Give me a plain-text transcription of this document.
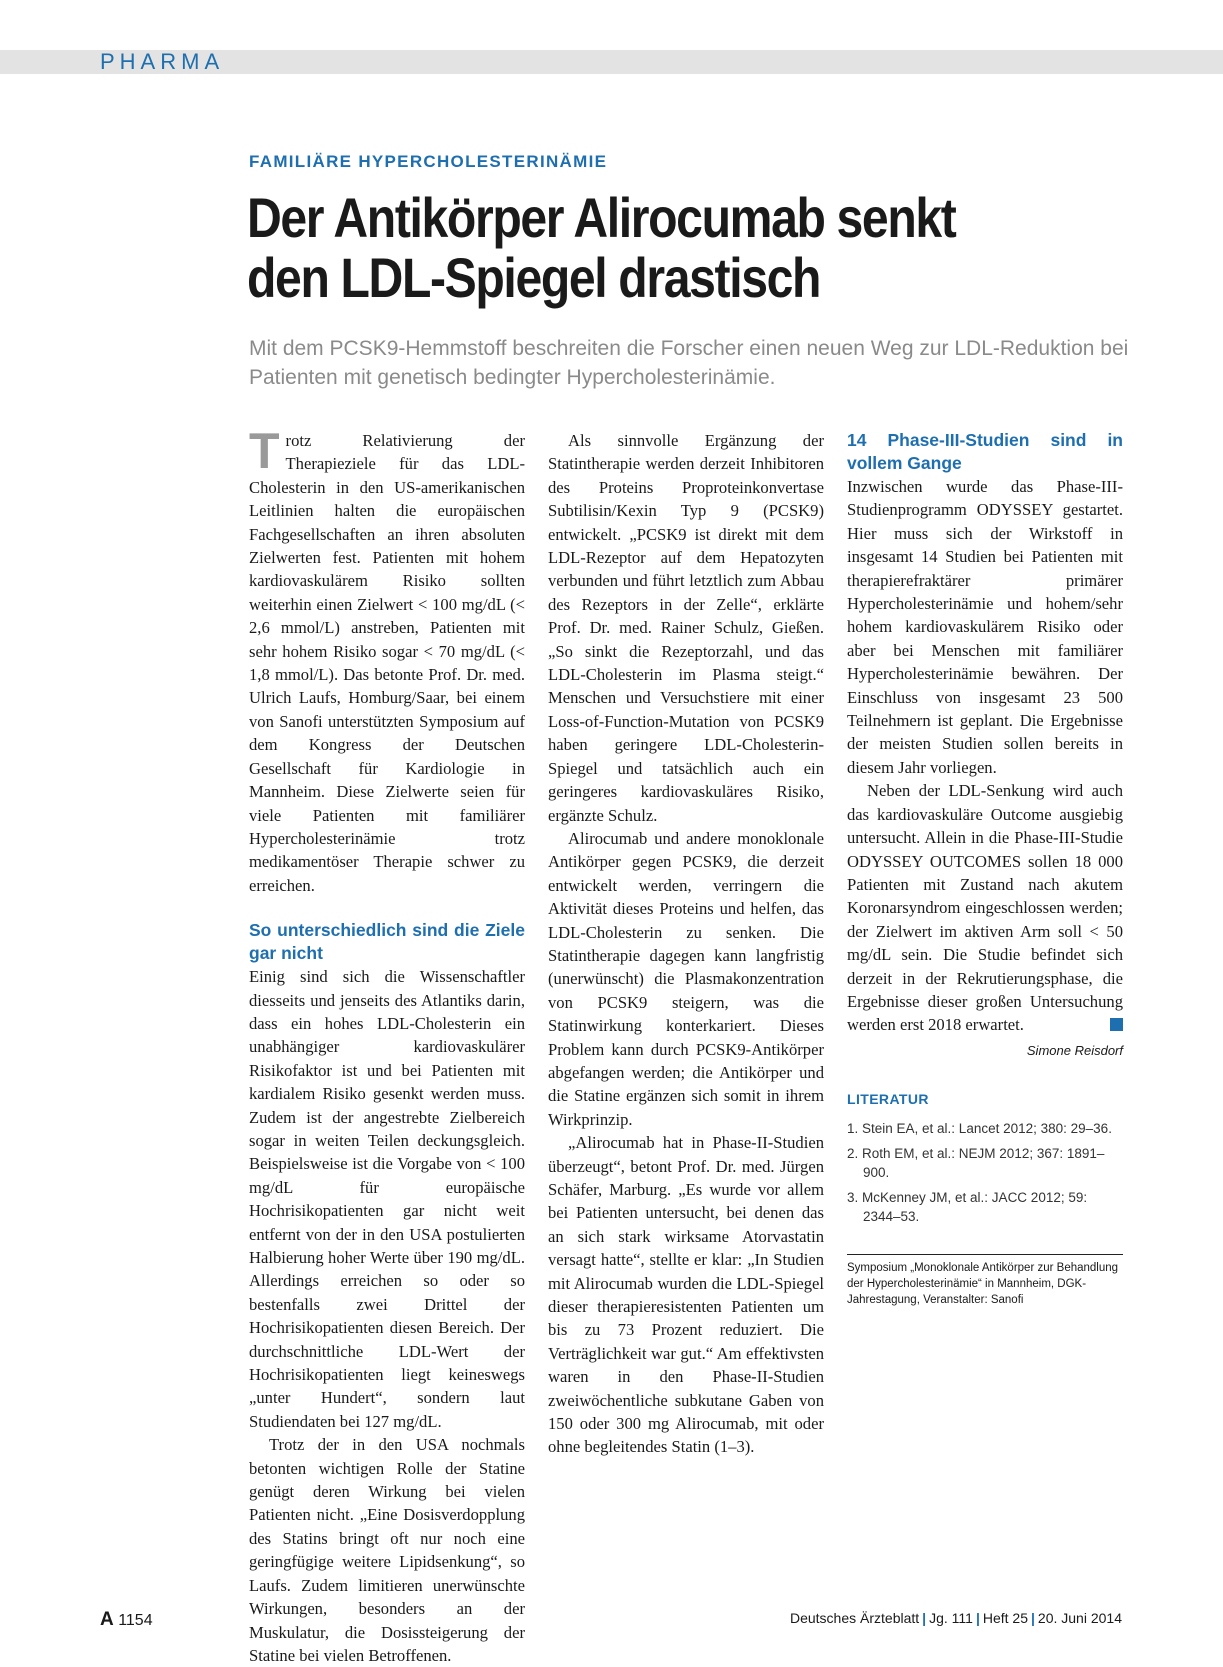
PHARMA
FAMILIÄRE HYPERCHOLESTERINÄMIE
Der Antikörper Alirocumab senkt den LDL-Spiegel drastisch
Mit dem PCSK9-Hemmstoff beschreiten die Forscher einen neuen Weg zur LDL-Reduktion bei Patienten mit genetisch bedingter Hypercholesterinämie.

Trotz Relativierung der Therapieziele für das LDL-Cholesterin in den US-amerikanischen Leitlinien halten die europäischen Fachgesellschaften an ihren absoluten Zielwerten fest. Patienten mit hohem kardiovaskulärem Risiko sollten weiterhin einen Zielwert < 100 mg/dL (< 2,6 mmol/L) anstreben, Patienten mit sehr hohem Risiko sogar < 70 mg/dL (< 1,8 mmol/L). Das betonte Prof. Dr. med. Ulrich Laufs, Homburg/Saar, bei einem von Sanofi unterstützten Symposium auf dem Kongress der Deutschen Gesellschaft für Kardiologie in Mannheim. Diese Zielwerte seien für viele Patienten mit familiärer Hypercholesterinämie trotz medikamentöser Therapie schwer zu erreichen.

So unterschiedlich sind die Ziele gar nicht

Einig sind sich die Wissenschaftler diesseits und jenseits des Atlantiks darin, dass ein hohes LDL-Cholesterin ein unabhängiger kardiovaskulärer Risikofaktor ist und bei Patienten mit kardialem Risiko gesenkt werden muss. Zudem ist der angestrebte Zielbereich sogar in weiten Teilen deckungsgleich. Beispielsweise ist die Vorgabe von < 100 mg/dL für europäische Hochrisikopatienten gar nicht weit entfernt von der in den USA postulierten Halbierung hoher Werte über 190 mg/dL. Allerdings erreichen so oder so bestenfalls zwei Drittel der Hochrisikopatienten diesen Bereich. Der durchschnittliche LDL-Wert der Hochrisikopatienten liegt keineswegs „unter Hundert“, sondern laut Studiendaten bei 127 mg/dL.

Trotz der in den USA nochmals betonten wichtigen Rolle der Statine genügt deren Wirkung bei vielen Patienten nicht. „Eine Dosisverdopplung des Statins bringt oft nur noch eine geringfügige weitere Lipidsenkung“, so Laufs. Zudem limitieren unerwünschte Wirkungen, besonders an der Muskulatur, die Dosissteigerung der Statine bei vielen Betroffenen.

Als sinnvolle Ergänzung der Statintherapie werden derzeit Inhibitoren des Proteins Proproteinkonvertase Subtilisin/Kexin Typ 9 (PCSK9) entwickelt. „PCSK9 ist direkt mit dem LDL-Rezeptor auf dem Hepatozyten verbunden und führt letztlich zum Abbau des Rezeptors in der Zelle“, erklärte Prof. Dr. med. Rainer Schulz, Gießen. „So sinkt die Rezeptorzahl, und das LDL-Cholesterin im Plasma steigt.“ Menschen und Versuchstiere mit einer Loss-of-Function-Mutation von PCSK9 haben geringere LDL-Cholesterin-Spiegel und tatsächlich auch ein geringeres kardiovaskuläres Risiko, ergänzte Schulz.

Alirocumab und andere monoklonale Antikörper gegen PCSK9, die derzeit entwickelt werden, verringern die Aktivität dieses Proteins und helfen, das LDL-Cholesterin zu senken. Die Statintherapie dagegen kann langfristig (unerwünscht) die Plasmakonzentration von PCSK9 steigern, was die Statinwirkung konterkariert. Dieses Problem kann durch PCSK9-Antikörper abgefangen werden; die Antikörper und die Statine ergänzen sich somit in ihrem Wirkprinzip.

„Alirocumab hat in Phase-II-Studien überzeugt“, betont Prof. Dr. med. Jürgen Schäfer, Marburg. „Es wurde vor allem bei Patienten untersucht, bei denen das an sich stark wirksame Atorvastatin versagt hatte“, stellte er klar: „In Studien mit Alirocumab wurden die LDL-Spiegel dieser therapieresistenten Patienten um bis zu 73 Prozent reduziert. Die Verträglichkeit war gut.“ Am effektivsten waren in den Phase-II-Studien zweiwöchentliche subkutane Gaben von 150 oder 300 mg Alirocumab, mit oder ohne begleitendes Statin (1–3).

14 Phase-III-Studien sind in vollem Gange

Inzwischen wurde das Phase-III-Studienprogramm ODYSSEY gestartet. Hier muss sich der Wirkstoff in insgesamt 14 Studien bei Patienten mit therapierefraktärer primärer Hypercholesterinämie und hohem/sehr hohem kardiovaskulärem Risiko oder aber bei Menschen mit familiärer Hypercholesterinämie bewähren. Der Einschluss von insgesamt 23 500 Teilnehmern ist geplant. Die Ergebnisse der meisten Studien sollen bereits in diesem Jahr vorliegen.

Neben der LDL-Senkung wird auch das kardiovaskuläre Outcome ausgiebig untersucht. Allein in die Phase-III-Studie ODYSSEY OUTCOMES sollen 18 000 Patienten mit Zustand nach akutem Koronarsyndrom eingeschlossen werden; der Zielwert im aktiven Arm soll < 50 mg/dL sein. Die Studie befindet sich derzeit in der Rekrutierungsphase, die Ergebnisse dieser großen Untersuchung werden erst 2018 erwartet.

Simone Reisdorf
LITERATUR
1. Stein EA, et al.: Lancet 2012; 380: 29–36.
2. Roth EM, et al.: NEJM 2012; 367: 1891–900.
3. McKenney JM, et al.: JACC 2012; 59: 2344–53.
Symposium „Monoklonale Antikörper zur Behandlung der Hypercholesterinämie“ in Mannheim, DGK-Jahrestagung, Veranstalter: Sanofi
A 1154	Deutsches Ärzteblatt | Jg. 111 | Heft 25 | 20. Juni 2014
